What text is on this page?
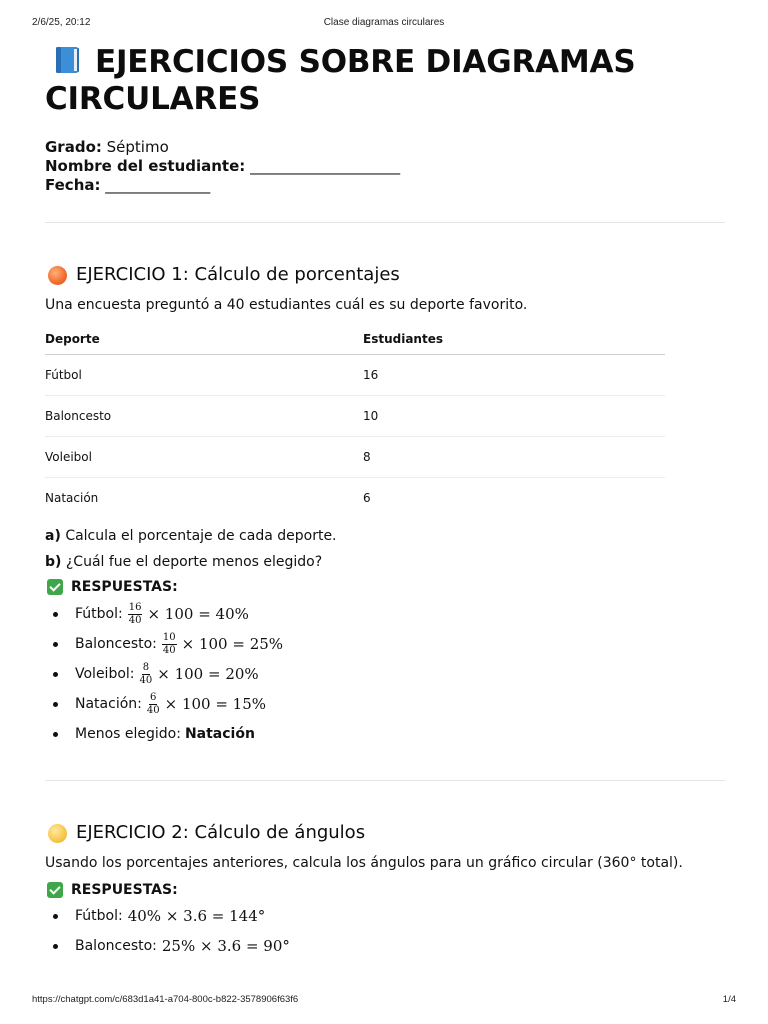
2/6/25, 20:12	Clase diagramas circulares
EJERCICIOS SOBRE DIAGRAMAS CIRCULARES
Grado: Séptimo
Nombre del estudiante: ____________________
Fecha: ______________
EJERCICIO 1: Cálculo de porcentajes

Una encuesta preguntó a 40 estudiantes cuál es su deporte favorito.

Deporte	Estudiantes
Fútbol	16
Baloncesto	10
Voleibol	8
Natación	6

a) Calcula el porcentaje de cada deporte.

b) ¿Cuál fue el deporte menos elegido?

RESPUESTAS:
Fútbol: $\frac{16}{40} \times 100 = 40\%$
Baloncesto: $\frac{10}{40} \times 100 = 25\%$
Voleibol: $\frac{8}{40} \times 100 = 20\%$
Natación: $\frac{6}{40} \times 100 = 15\%$
Menos elegido: Natación
EJERCICIO 2: Cálculo de ángulos

Usando los porcentajes anteriores, calcula los ángulos para un gráfico circular (360° total).

RESPUESTAS:
Fútbol: 40% × 3.6 = 144°
Baloncesto: 25% × 3.6 = 90°
https://chatgpt.com/c/683d1a41-a704-800c-b822-3578906f63f6	1/4
